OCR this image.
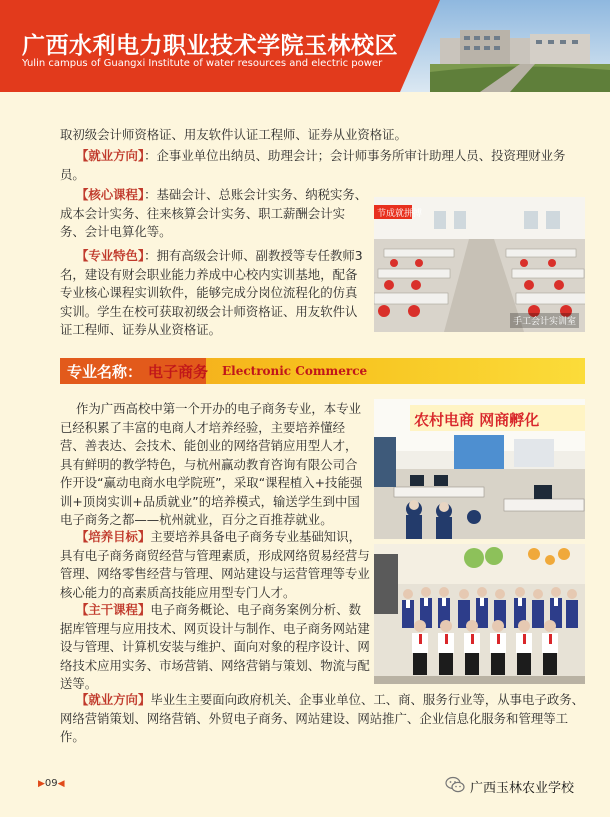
广西水利电力职业技术学院玉林校区
Yulin campus of Guangxi Institute of water resources and electric power
取初级会计师资格证、用友软件认证工程师、证券从业资格证。
【就业方向】：企事业单位出纳员、助理会计；会计师事务所审计助理人员、投资理财业务员。
【核心课程】：基础会计、总账会计实务、纳税实务、成本会计实务、往来核算会计实务、职工薪酬会计实务、会计电算化等。
【专业特色】：拥有高级会计师、副教授等专任教师3名，建设有财会职业能力养成中心校内实训基地，配备专业核心课程实训软件，能够完成分岗位流程化的仿真实训。学生在校可获取初级会计师资格证、用友软件认证工程师、证券从业资格证。
节成就拼搏
手工会计实训室
专业名称： 电子商务 Electronic Commerce
作为广西高校中第一个开办的电子商务专业，本专业已经积累了丰富的电商人才培养经验，主要培养懂经营、善表达、会技术、能创业的网络营销应用型人才，具有鲜明的教学特色，与杭州赢动教育咨询有限公司合作开设“赢动电商水电学院班”，采取“课程植入+技能强训+顶岗实训+品质就业”的培养模式，输送学生到中国电子商务之都——杭州就业，百分之百推荐就业。
【培养目标】主要培养具备电子商务专业基础知识，具有电子商务商贸经营与管理素质，形成网络贸易经营与管理、网络零售经营与管理、网站建设与运营管理等专业核心能力的高素质高技能应用型专门人才。
【主干课程】电子商务概论、电子商务案例分析、数据库管理与应用技术、网页设计与制作、电子商务网站建设与管理、计算机安装与维护、面向对象的程序设计、网络技术应用实务、市场营销、网络营销与策划、物流与配送等。
【就业方向】毕业生主要面向政府机关、企事业单位、工、商、服务行业等，从事电子政务、网络营销策划、网络营销、外贸电子商务、网站建设、网站推广、企业信息化服务和管理等工作。
农村电商 网商孵化
▶09◀	广西玉林农业学校
